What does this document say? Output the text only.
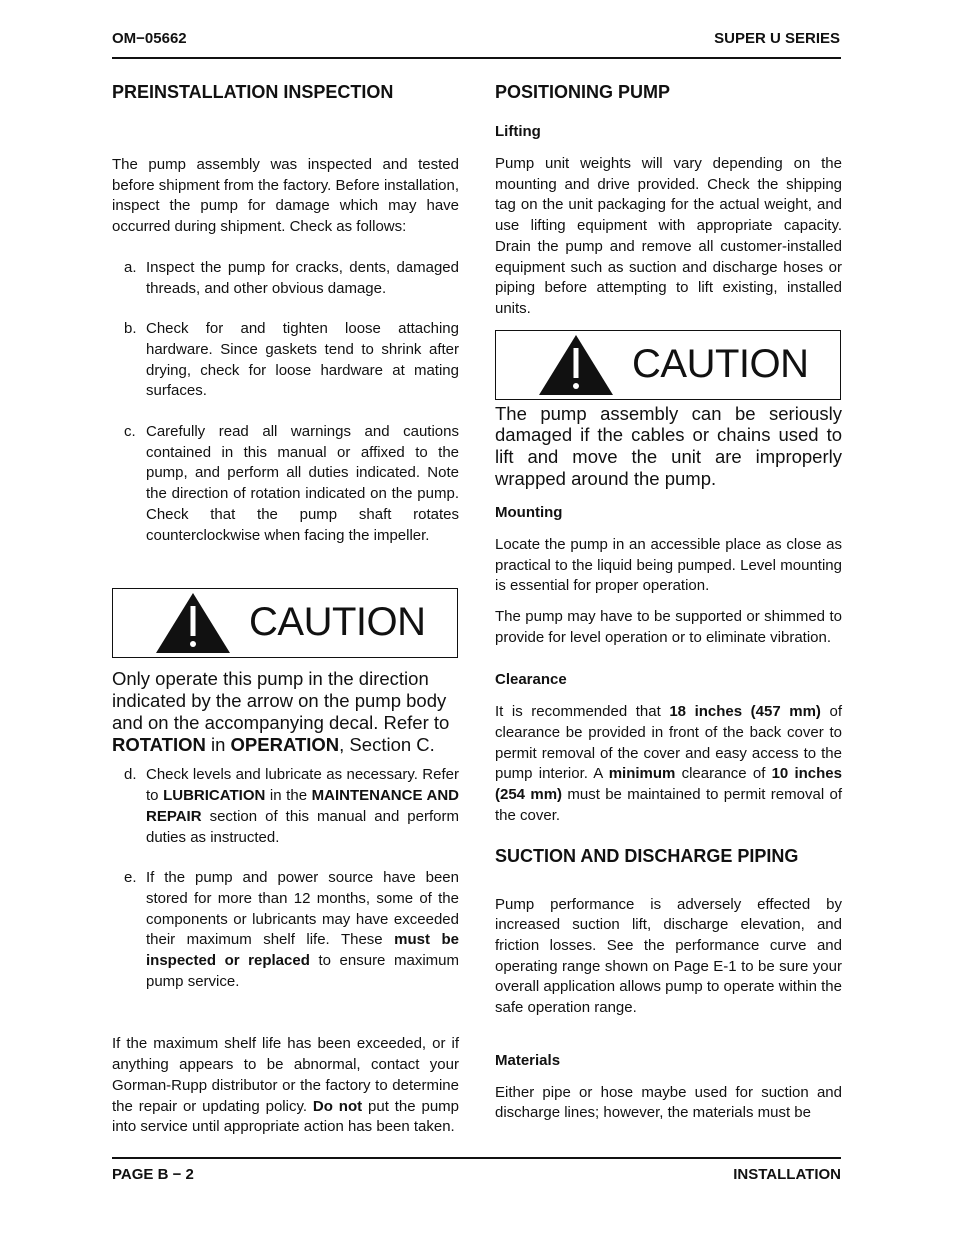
OM−05662	SUPER U SERIES
PREINSTALLATION INSPECTION

The pump assembly was inspected and tested before shipment from the factory. Before installation, inspect the pump for damage which may have occurred during shipment. Check as follows:

a. Inspect the pump for cracks, dents, damaged threads, and other obvious damage.

b. Check for and tighten loose attaching hardware. Since gaskets tend to shrink after drying, check for loose hardware at mating surfaces.

c. Carefully read all warnings and cautions contained in this manual or affixed to the pump, and perform all duties indicated. Note the direction of rotation indicated on the pump. Check that the pump shaft rotates counterclockwise when facing the impeller.

CAUTION

Only operate this pump in the direction indicated by the arrow on the pump body and on the accompanying decal. Refer to ROTATION in OPERATION, Section C.

d. Check levels and lubricate as necessary. Refer to LUBRICATION in the MAINTENANCE AND REPAIR section of this manual and perform duties as instructed.

e. If the pump and power source have been stored for more than 12 months, some of the components or lubricants may have exceeded their maximum shelf life. These must be inspected or replaced to ensure maximum pump service.

If the maximum shelf life has been exceeded, or if anything appears to be abnormal, contact your Gorman-Rupp distributor or the factory to determine the repair or updating policy. Do not put the pump into service until appropriate action has been taken.

POSITIONING PUMP
Lifting

Pump unit weights will vary depending on the mounting and drive provided. Check the shipping tag on the unit packaging for the actual weight, and use lifting equipment with appropriate capacity. Drain the pump and remove all customer-installed equipment such as suction and discharge hoses or piping before attempting to lift existing, installed units.

CAUTION

The pump assembly can be seriously damaged if the cables or chains used to lift and move the unit are improperly wrapped around the pump.

Mounting

Locate the pump in an accessible place as close as practical to the liquid being pumped. Level mounting is essential for proper operation.

The pump may have to be supported or shimmed to provide for level operation or to eliminate vibration.

Clearance

It is recommended that 18 inches (457 mm) of clearance be provided in front of the back cover to permit removal of the cover and easy access to the pump interior. A minimum clearance of 10 inches (254 mm) must be maintained to permit removal of the cover.

SUCTION AND DISCHARGE PIPING

Pump performance is adversely effected by increased suction lift, discharge elevation, and friction losses. See the performance curve and operating range shown on Page E-1 to be sure your overall application allows pump to operate within the safe operation range.

Materials

Either pipe or hose maybe used for suction and discharge lines; however, the materials must be

PAGE B − 2	INSTALLATION
